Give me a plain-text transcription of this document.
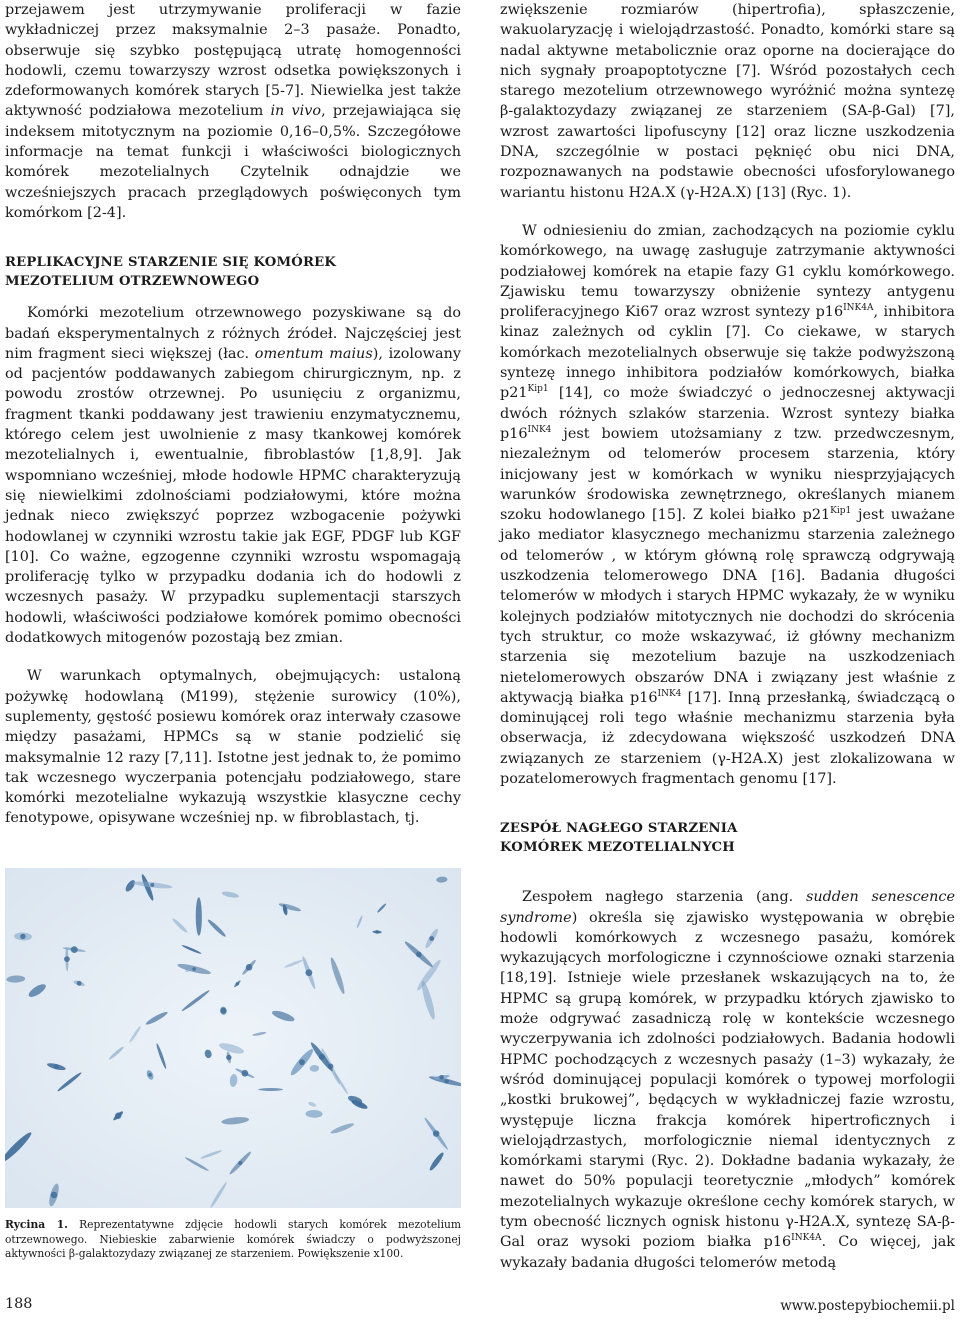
przejawem jest utrzymywanie proliferacji w fazie wykładniczej przez maksymalnie 2–3 pasaże. Ponadto, obserwuje się szybko postępującą utratę homogenności hodowli, czemu towarzyszy wzrost odsetka powiększonych i zdeformowanych komórek starych [5-7]. Niewielka jest także aktywność podziałowa mezotelium in vivo, przejawiająca się indeksem mitotycznym na poziomie 0,16–0,5%. Szczegółowe informacje na temat funkcji i właściwości biologicznych komórek mezotelialnych Czytelnik odnajdzie we wcześniejszych pracach przeglądowych poświęconych tym komórkom [2-4].

REPLIKACYJNE STARZENIE SIĘ KOMÓREK
MEZOTELIUM OTRZEWNOWEGO

Komórki mezotelium otrzewnowego pozyskiwane są do badań eksperymentalnych z różnych źródeł. Najczęściej jest nim fragment sieci większej (łac. omentum maius), izolowany od pacjentów poddawanych zabiegom chirurgicznym, np. z powodu zrostów otrzewnej. Po usunięciu z organizmu, fragment tkanki poddawany jest trawieniu enzymatycznemu, którego celem jest uwolnienie z masy tkankowej komórek mezotelialnych i, ewentualnie, fibroblastów [1,8,9]. Jak wspomniano wcześniej, młode hodowle HPMC charakteryzują się niewielkimi zdolnościami podziałowymi, które można jednak nieco zwiększyć poprzez wzbogacenie pożywki hodowlanej w czynniki wzrostu takie jak EGF, PDGF lub KGF [10]. Co ważne, egzogenne czynniki wzrostu wspomagają proliferację tylko w przypadku dodania ich do hodowli z wczesnych pasaży. W przypadku suplementacji starszych hodowli, właściwości podziałowe komórek pomimo obecności dodatkowych mitogenów pozostają bez zmian.

W warunkach optymalnych, obejmujących: ustaloną pożywkę hodowlaną (M199), stężenie surowicy (10%), suplementy, gęstość posiewu komórek oraz interwały czasowe między pasażami, HPMCs są w stanie podzielić się maksymalnie 12 razy [7,11]. Istotne jest jednak to, że pomimo tak wczesnego wyczerpania potencjału podziałowego, stare komórki mezotelialne wykazują wszystkie klasyczne cechy fenotypowe, opisywane wcześniej np. w fibroblastach, tj.

Rycina 1. Reprezentatywne zdjęcie hodowli starych komórek mezotelium otrzewnowego. Niebieskie zabarwienie komórek świadczy o podwyższonej aktywności β-galaktozydazy związanej ze starzeniem. Powiększenie x100.

zwiększenie rozmiarów (hipertrofia), spłaszczenie, wakuolaryzację i wielojądrzastość. Ponadto, komórki stare są nadal aktywne metabolicznie oraz oporne na docierające do nich sygnały proapoptotyczne [7]. Wśród pozostałych cech starego mezotelium otrzewnowego wyróżnić można syntezę β-galaktozydazy związanej ze starzeniem (SA-β-Gal) [7], wzrost zawartości lipofuscyny [12] oraz liczne uszkodzenia DNA, szczególnie w postaci pęknięć obu nici DNA, rozpoznawanych na podstawie obecności ufosforylowanego wariantu histonu H2A.X (γ-H2A.X) [13] (Ryc. 1).

W odniesieniu do zmian, zachodzących na poziomie cyklu komórkowego, na uwagę zasługuje zatrzymanie aktywności podziałowej komórek na etapie fazy G1 cyklu komórkowego. Zjawisku temu towarzyszy obniżenie syntezy antygenu proliferacyjnego Ki67 oraz wzrost syntezy $p16^{INK4A}$, inhibitora kinaz zależnych od cyklin [7]. Co ciekawe, w starych komórkach mezotelialnych obserwuje się także podwyższoną syntezę innego inhibitora podziałów komórkowych, białka $p21^{Kip1}$ [14], co może świadczyć o jednoczesnej aktywacji dwóch różnych szlaków starzenia. Wzrost syntezy białka $p16^{INK4}$ jest bowiem utożsamiany z tzw. przedwczesnym, niezależnym od telomerów procesem starzenia, który inicjowany jest w komórkach w wyniku niesprzyjających warunków środowiska zewnętrznego, określanych mianem szoku hodowlanego [15]. Z kolei białko $p21^{Kip1}$ jest uważane jako mediator klasycznego mechanizmu starzenia zależnego od telomerów , w którym główną rolę sprawczą odgrywają uszkodzenia telomerowego DNA [16]. Badania długości telomerów w młodych i starych HPMC wykazały, że w wyniku kolejnych podziałów mitotycznych nie dochodzi do skrócenia tych struktur, co może wskazywać, iż główny mechanizm starzenia się mezotelium bazuje na uszkodzeniach nietelomerowych obszarów DNA i związany jest właśnie z aktywacją białka $p16^{INK4}$ [17]. Inną przesłanką, świadczącą o dominującej roli tego właśnie mechanizmu starzenia była obserwacja, iż zdecydowana większość uszkodzeń DNA związanych ze starzeniem (γ-H2A.X) jest zlokalizowana w pozatelomerowych fragmentach genomu [17].

ZESPÓŁ NAGŁEGO STARZENIA
KOMÓREK MEZOTELIALNYCH

Zespołem nagłego starzenia (ang. sudden senescence syndrome) określa się zjawisko występowania w obrębie hodowli komórkowych z wczesnego pasażu, komórek wykazujących morfologiczne i czynnościowe oznaki starzenia [18,19]. Istnieje wiele przesłanek wskazujących na to, że HPMC są grupą komórek, w przypadku których zjawisko to może odgrywać zasadniczą rolę w kontekście wczesnego wyczerpywania ich zdolności podziałowych. Badania hodowli HPMC pochodzących z wczesnych pasaży (1–3) wykazały, że wśród dominującej populacji komórek o typowej morfologii „kostki brukowej”, będących w wykładniczej fazie wzrostu, występuje liczna frakcja komórek hipertroficznych i wielojądrzastych, morfologicznie niemal identycznych z komórkami starymi (Ryc. 2). Dokładne badania wykazały, że nawet do 50% populacji teoretycznie „młodych” komórek mezotelialnych wykazuje określone cechy komórek starych, w tym obecność licznych ognisk histonu γ-H2A.X, syntezę SA-β-Gal oraz wysoki poziom białka $p16^{INK4A}$. Co więcej, jak wykazały badania długości telomerów metodą

188	www.postepybiochemii.pl
